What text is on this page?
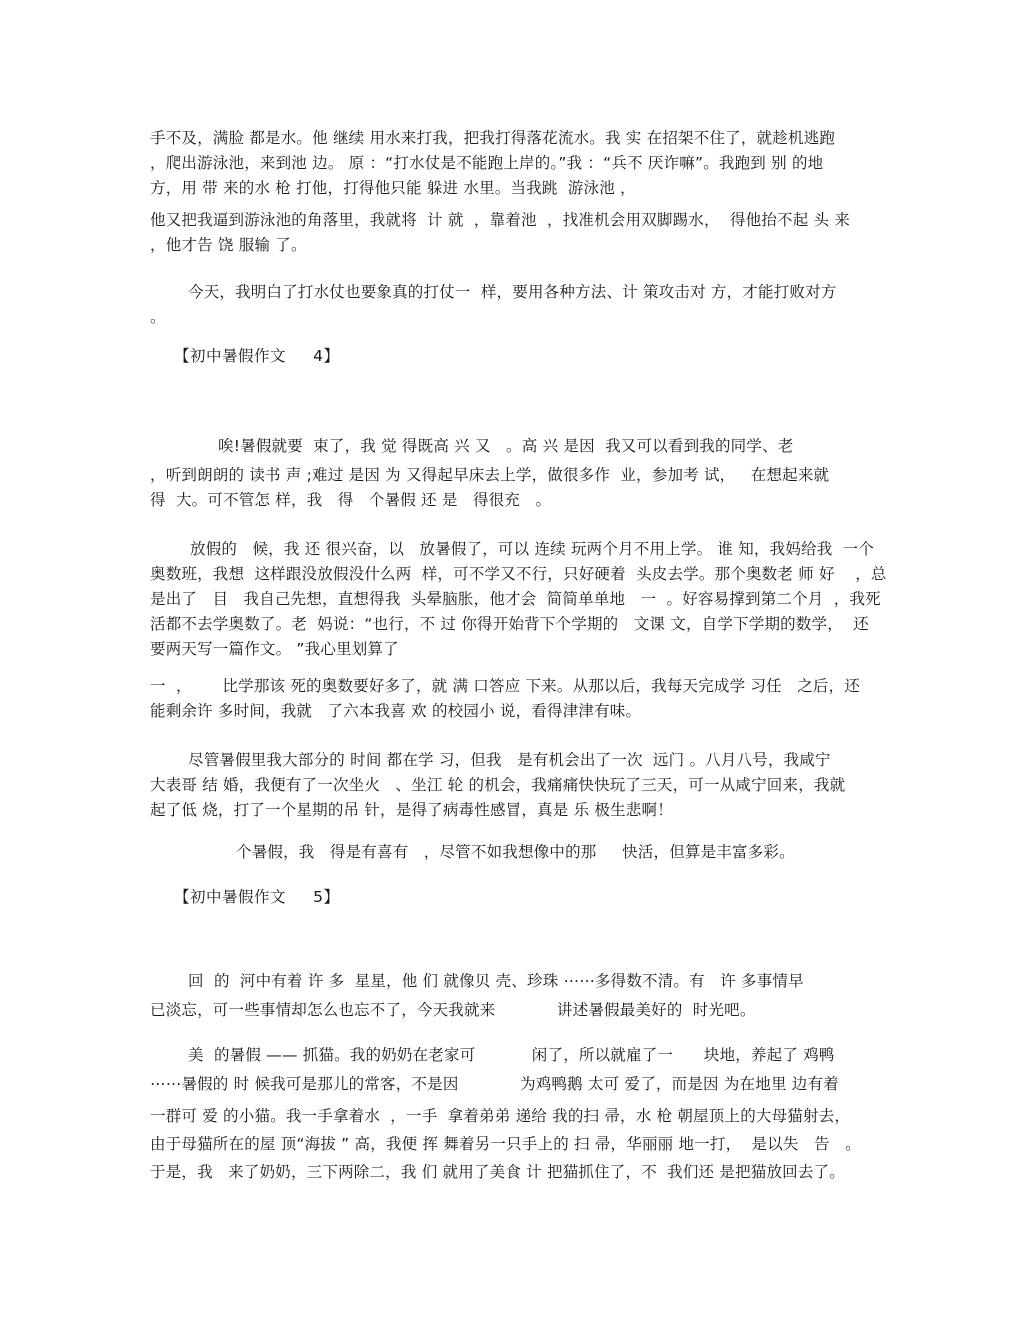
手不及，满脸 都是水。他 继续 用水来打我，把我打得落花流水。我 实 在招架不住了，就趁机逃跑
，爬出游泳池，来到池 边。 原 ：“打水仗是不能跑上岸的。”我 ：“兵不 厌诈嘛”。我跑到 别 的地
方，用 带 来的水 枪 打他，打得他只能 躲进 水里。当我跳  游泳池 ，
他又把我逼到游泳池的角落里，我就将  计 就  ，靠着池  ，找准机会用双脚踢水，  得他抬不起 头 来
，他才告 饶 服输 了。
今天，我明白了打水仗也要象真的打仗一  样，要用各种方法、计 策攻击对 方，才能打败对方
。
【初中暑假作文     4】
唉!暑假就要  束了，我 觉 得既高 兴 又   。高 兴 是因  我又可以看到我的同学、老
，听到朗朗的 读书 声 ;难过 是因 为 又得起早床去上学，做很多作  业，参加考 试，   在想起来就
得  大。可不管怎 样，我   得   个暑假 还 是   得很充   。
放假的   候，我 还 很兴奋，以   放暑假了，可以 连续 玩两个月不用上学。 谁 知，我妈给我  一个
奥数班，我想  这样跟没放假没什么两  样，可不学又不行，只好硬着  头皮去学。那个奥数老 师 好    ，总
是出了   目   我自己先想，直想得我  头晕脑胀，他才会  简简单单地   一  。好容易撑到第二个月  ，我死
活都不去学奥数了。老  妈说：“也行，不 过 你得开始背下个学期的   文课 文，自学下学期的数学，  还
要两天写一篇作文。 ”我心里划算了
一  ，      比学那该 死的奥数要好多了，就 满 口答应 下来。从那以后，我每天完成学 习任   之后，还
能剩余许 多时间，我就   了六本我喜 欢 的校园小 说，看得津津有味。
尽管暑假里我大部分的 时间 都在学 习，但我   是有机会出了一次  远门 。八月八号，我咸宁
大表哥 结 婚，我便有了一次坐火   、坐江 轮 的机会，我痛痛快快玩了三天，可一从咸宁回来，我就
起了低 烧，打了一个星期的吊 针，是得了病毒性感冒，真是 乐 极生悲啊！
个暑假，我   得是有喜有   ，尽管不如我想像中的那     快活，但算是丰富多彩。
【初中暑假作文     5】
回  的  河中有着 许 多  星星，他 们 就像贝 壳、珍珠 ⋯⋯多得数不清。有   许 多事情早
已淡忘，可一些事情却怎么也忘不了，今天我就来            讲述暑假最美好的  时光吧。
美  的暑假 —— 抓猫。我的奶奶在老家可           闲了，所以就雇了一      块地，养起了 鸡鸭
⋯⋯暑假的 时 候我可是那儿的常客，不是因            为鸡鸭鹅 太可 爱了，而是因 为在地里 边有着
一群可 爱 的小猫。我一手拿着水  ，一手  拿着弟弟 递给 我的扫 帚，水 枪 朝屋顶上的大母猫射去，
由于母猫所在的屋 顶“海拔 ” 高，我便 挥 舞着另一只手上的 扫 帚，华丽丽 地一打，  是以失   告   。
于是，我   来了奶奶，三下两除二，我 们 就用了美食 计 把猫抓住了，不  我们还 是把猫放回去了。
